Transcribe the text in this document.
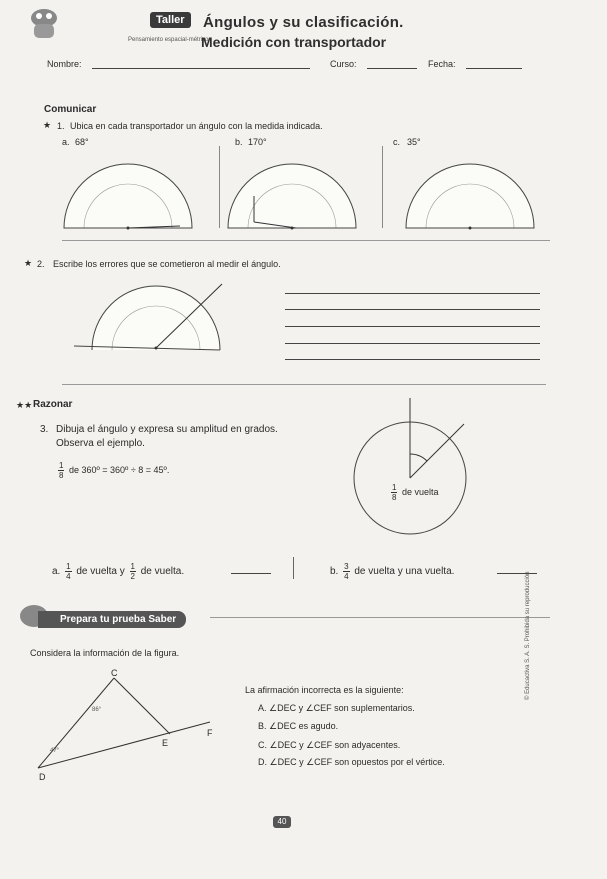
Taller
Pensamiento espacial-métrico
Ángulos y su clasificación.
Medición con transportador
Nombre:	Curso:	Fecha:
Comunicar
★ 1. Ubica en cada transportador un ángulo con la medida indicada.
a. 68°	b. 170°	c. 35°
★ 2. Escribe los errores que se cometieron al medir el ángulo.
★★ Razonar
3. Dibuja el ángulo y expresa su amplitud en grados.
Observa el ejemplo.
$\frac{1}{8}$ de 360º = 360º ÷ 8 = 45º.
$\frac{1}{8}$ de vuelta
a. $\frac{1}{4}$ de vuelta y $\frac{1}{2}$ de vuelta.	b. $\frac{3}{4}$ de vuelta y una vuelta.
Prepara tu prueba Saber
Considera la información de la figura.
C
D
E
F
86°
47°
La afirmación incorrecta es la siguiente:
A. ∠DEC y ∠CEF son suplementarios.
B. ∠DEC es agudo.
C. ∠DEC y ∠CEF son adyacentes.
D. ∠DEC y ∠CEF son opuestos por el vértice.
© Educactiva S. A. S. Prohibida su reproducción
40
